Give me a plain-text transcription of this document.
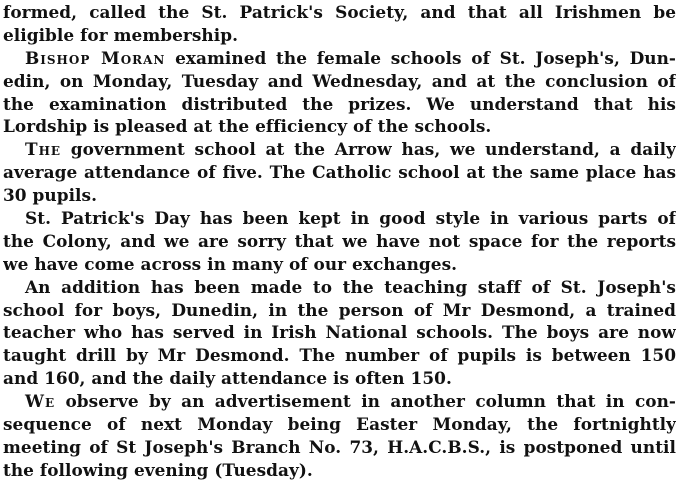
formed, called the St. Patrick's Society, and that all Irishmen be
eligible for membership.
Bishop Moran examined the female schools of St. Joseph's, Dun-
edin, on Monday, Tuesday and Wednesday, and at the conclusion of
the examination distributed the prizes. We understand that his
Lordship is pleased at the efficiency of the schools.
The government school at the Arrow has, we understand, a daily
average attendance of five. The Catholic school at the same place has
30 pupils.
St. Patrick's Day has been kept in good style in various parts of
the Colony, and we are sorry that we have not space for the reports
we have come across in many of our exchanges.
An addition has been made to the teaching staff of St. Joseph's
school for boys, Dunedin, in the person of Mr Desmond, a trained
teacher who has served in Irish National schools. The boys are now
taught drill by Mr Desmond. The number of pupils is between 150
and 160, and the daily attendance is often 150.
We observe by an advertisement in another column that in con-
sequence of next Monday being Easter Monday, the fortnightly
meeting of St Joseph's Branch No. 73, H.A.C.B.S., is postponed until
the following evening (Tuesday).
